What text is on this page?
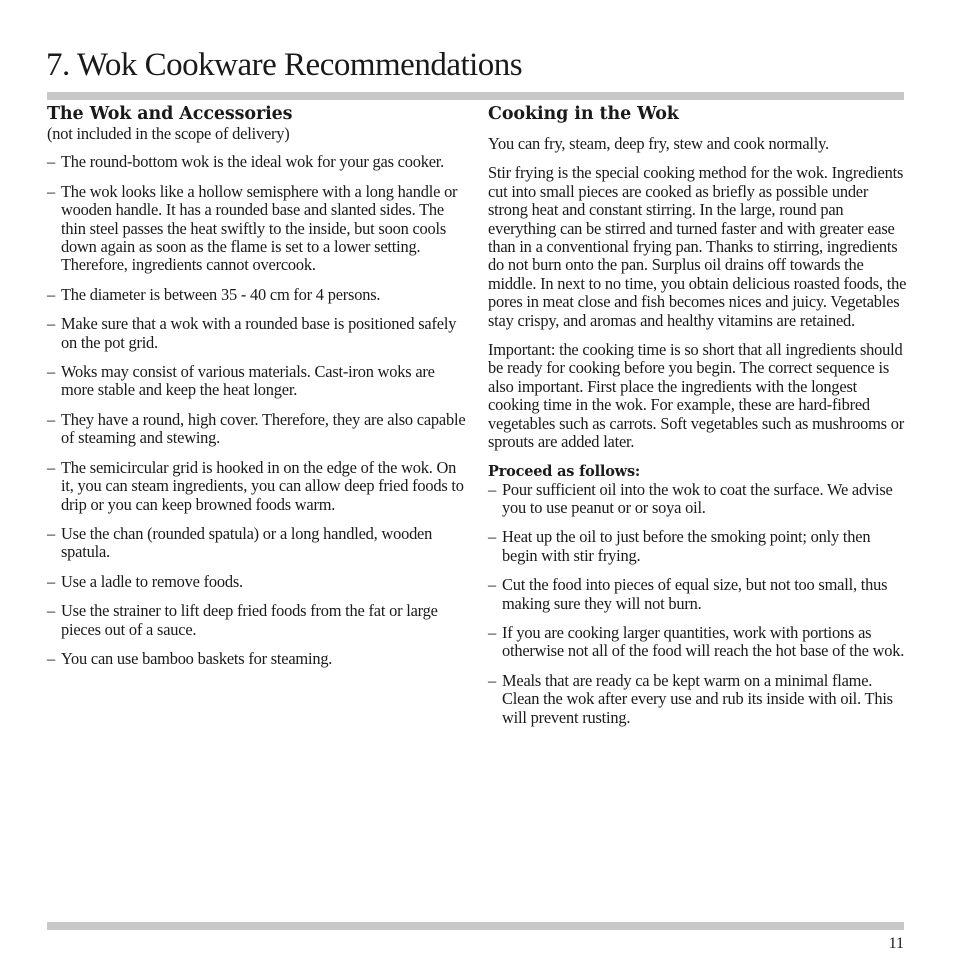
7. Wok Cookware Recommendations
The Wok and Accessories

(not included in the scope of delivery)

– The round-bottom wok is the ideal wok for your gas cooker.
– The wok looks like a hollow semisphere with a long handle or wooden handle. It has a rounded base and slanted sides. The thin steel passes the heat swiftly to the inside, but soon cools down again as soon as the flame is set to a lower setting. Therefore, ingredients cannot overcook.
– The diameter is between 35 - 40 cm for 4 persons.
– Make sure that a wok with a rounded base is positioned safely on the pot grid.
– Woks may consist of various materials. Cast-iron woks are more stable and keep the heat longer.
– They have a round, high cover. Therefore, they are also capable of steaming and stewing.
– The semicircular grid is hooked in on the edge of the wok. On it, you can steam ingredients, you can allow deep fried foods to drip or you can keep browned foods warm.
– Use the chan (rounded spatula) or a long handled, wooden spatula.
– Use a ladle to remove foods.
– Use the strainer to lift deep fried foods from the fat or large pieces out of a sauce.
– You can use bamboo baskets for steaming.
Cooking in the Wok

You can fry, steam, deep fry, stew and cook normally.

Stir frying is the special cooking method for the wok. Ingredients cut into small pieces are cooked as briefly as possible under strong heat and constant stirring. In the large, round pan everything can be stirred and turned faster and with greater ease than in a conventional frying pan. Thanks to stirring, ingredients do not burn onto the pan. Surplus oil drains off towards the middle. In next to no time, you obtain delicious roasted foods, the pores in meat close and fish becomes nices and juicy. Vegetables stay crispy, and aromas and healthy vitamins are retained.

Important: the cooking time is so short that all ingredients should be ready for cooking before you begin. The correct sequence is also important. First place the ingredients with the longest cooking time in the wok. For example, these are hard-fibred vegetables such as carrots. Soft vegetables such as mushrooms or sprouts are added later.

Proceed as follows:
– Pour sufficient oil into the wok to coat the surface. We advise you to use peanut or or soya oil.
– Heat up the oil to just before the smoking point; only then begin with stir frying.
– Cut the food into pieces of equal size, but not too small, thus making sure they will not burn.
– If you are cooking larger quantities, work with portions as otherwise not all of the food will reach the hot base of the wok.
– Meals that are ready ca be kept warm on a minimal flame. Clean the wok after every use and rub its inside with oil. This will prevent rusting.
11
